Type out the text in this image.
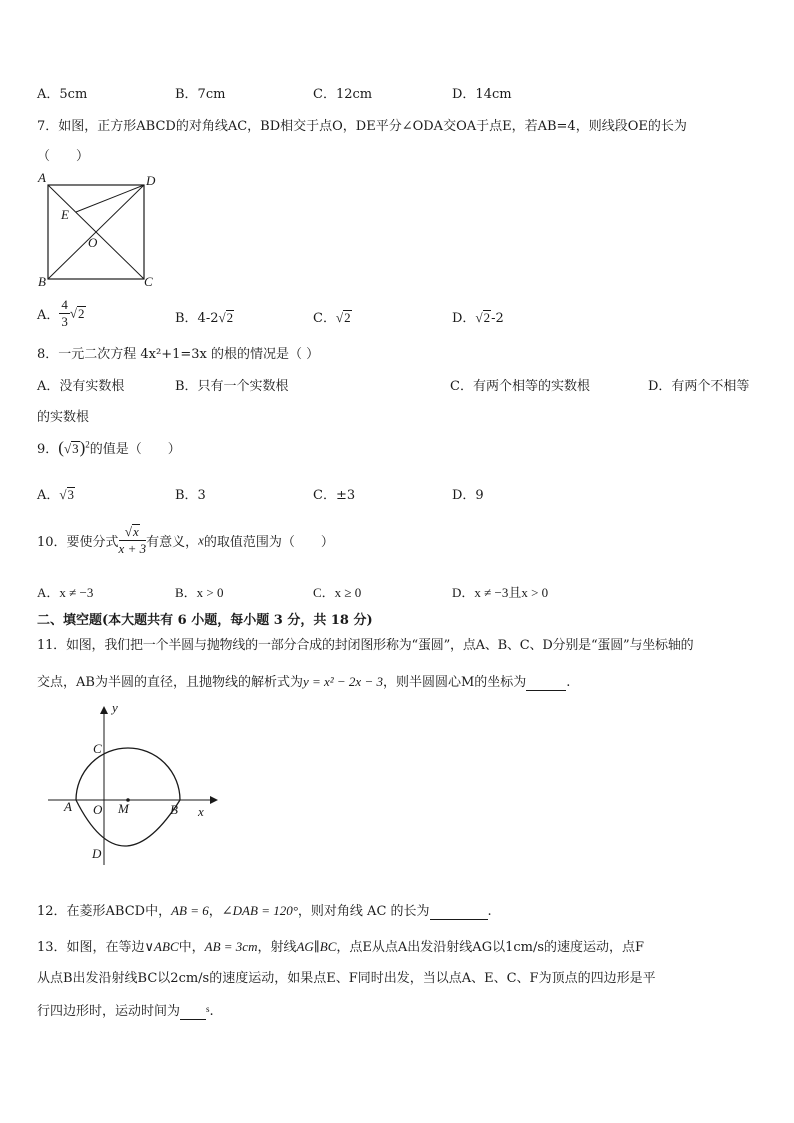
A．5cm	B．7cm	C．12cm	D．14cm
7．如图，正方形ABCD的对角线AC，BD相交于点O，DE平分∠ODA交OA于点E，若AB=4，则线段OE的长为
（　　）
A	D
E
O
B	C
A． $\frac{4}{3} √2$	B．4-2√2	C．√2	D．√2-2
8．一元二次方程 4x²+1=3x 的根的情况是（ ）
A．没有实数根	B．只有一个实数根	C．有两个相等的实数根	D．有两个不相等
的实数根
9．$(√3)^2$的值是（　　）
A．√3	B．3	C．±3	D．9
10．要使分式 $\frac{√x}{x + 3}$ 有意义，x的取值范围为（　　）
A．x ≠ −3	B．x > 0	C．x ≥ 0	D．x ≠ −3且x > 0
二、填空题(本大题共有 6 小题，每小题 3 分，共 18 分)
11．如图，我们把一个半圆与抛物线的一部分合成的封闭图形称为“蛋圆”，点A、B、C、D分别是“蛋圆”与坐标轴的
交点，AB为半圆的直径，且抛物线的解析式为y = x² − 2x − 3，则半圆圆心M的坐标为	.
y
C
A O M	B x
D
12．在菱形ABCD中，AB = 6，∠DAB = 120°，则对角线 AC 的长为	.
13．如图，在等边∨ABC中，AB = 3cm，射线AG∥BC，点E从点A出发沿射线AG以1cm/s的速度运动，点F
从点B出发沿射线BC以2cm/s的速度运动，如果点E、F同时出发，当以点A、E、C、F为顶点的四边形是平
行四边形时，运动时间为	$^s$.
